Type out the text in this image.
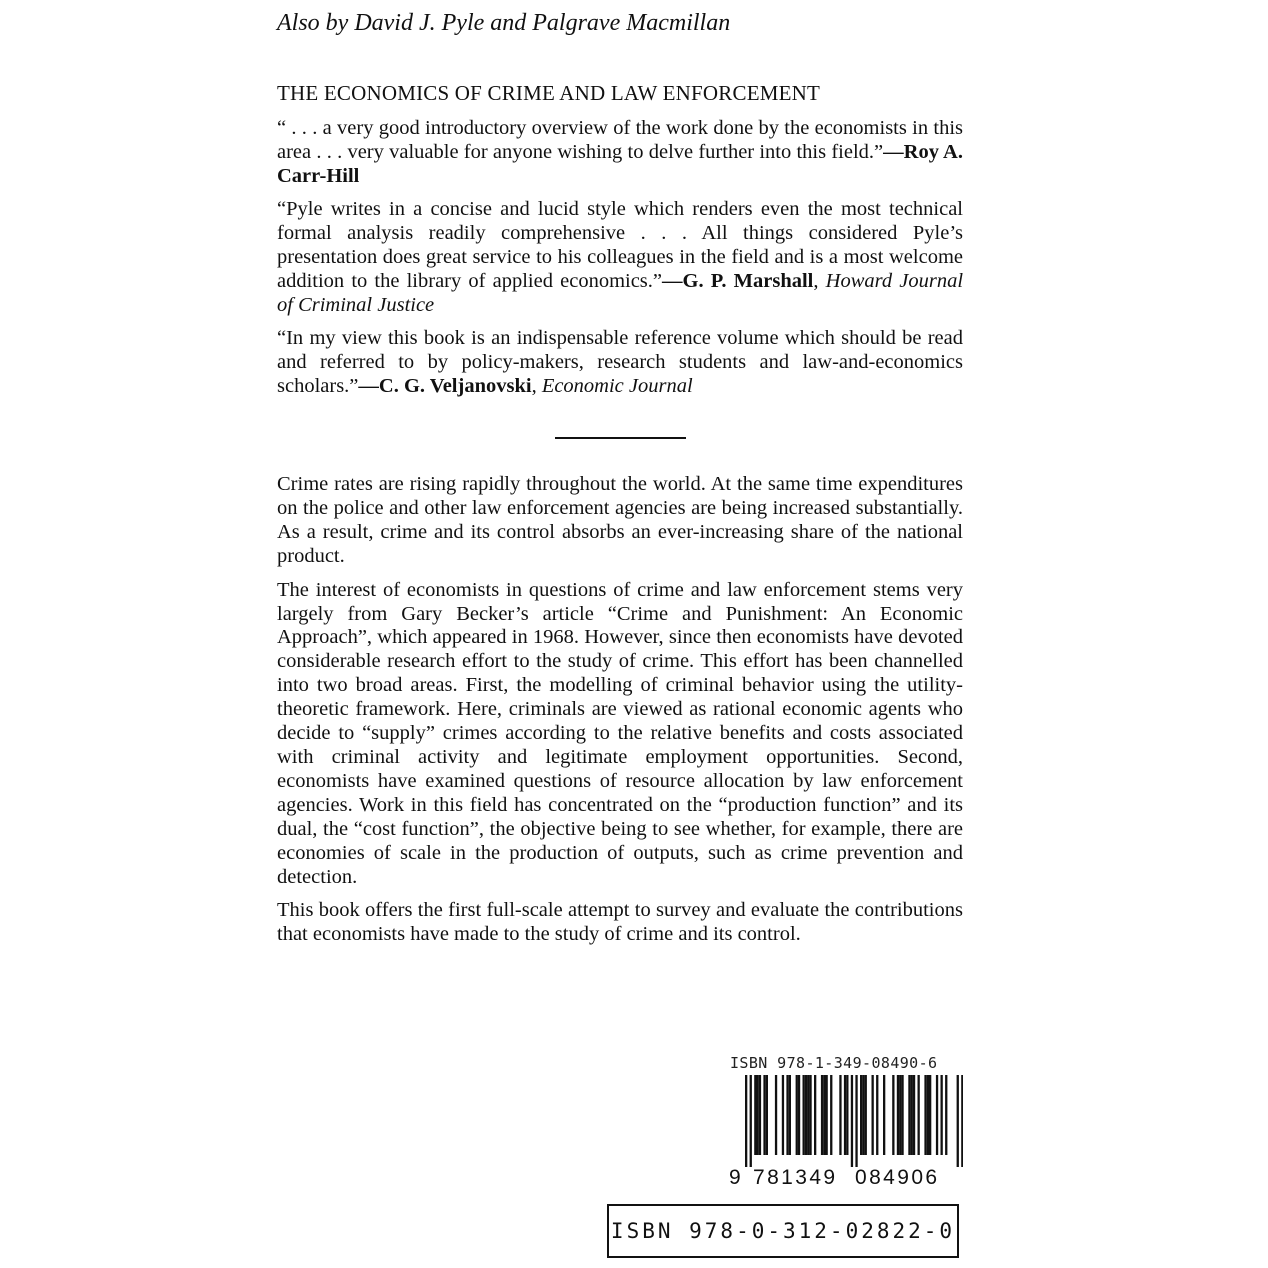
Also by David J. Pyle and Palgrave Macmillan
THE ECONOMICS OF CRIME AND LAW ENFORCEMENT

“ . . . a very good introductory overview of the work done by the economists in this area . . . very valuable for anyone wishing to delve further into this field.”—Roy A. Carr-Hill

“Pyle writes in a concise and lucid style which renders even the most technical formal analysis readily comprehensive . . . All things considered Pyle’s presentation does great service to his colleagues in the field and is a most welcome addition to the library of applied economics.”—G. P. Marshall, Howard Journal of Criminal Justice

“In my view this book is an indispensable reference volume which should be read and referred to by policy-makers, research students and law-and-economics scholars.”—C. G. Veljanovski, Economic Journal

Crime rates are rising rapidly throughout the world. At the same time expenditures on the police and other law enforcement agencies are being increased substantially. As a result, crime and its control absorbs an ever-increasing share of the national product.

The interest of economists in questions of crime and law enforcement stems very largely from Gary Becker’s article “Crime and Punishment: An Economic Approach”, which appeared in 1968. However, since then economists have devoted considerable research effort to the study of crime. This effort has been channelled into two broad areas. First, the modelling of criminal behavior using the utility-theoretic framework. Here, criminals are viewed as rational economic agents who decide to “supply” crimes according to the relative benefits and costs associated with criminal activity and legitimate employment opportunities. Second, economists have examined questions of resource allocation by law enforcement agencies. Work in this field has concentrated on the “production function” and its dual, the “cost function”, the objective being to see whether, for example, there are economies of scale in the production of outputs, such as crime prevention and detection.

This book offers the first full-scale attempt to survey and evaluate the contributions that economists have made to the study of crime and its control.

ISBN 978-1-349-08490-6
9 781349 084906
ISBN 978-0-312-02822-0
